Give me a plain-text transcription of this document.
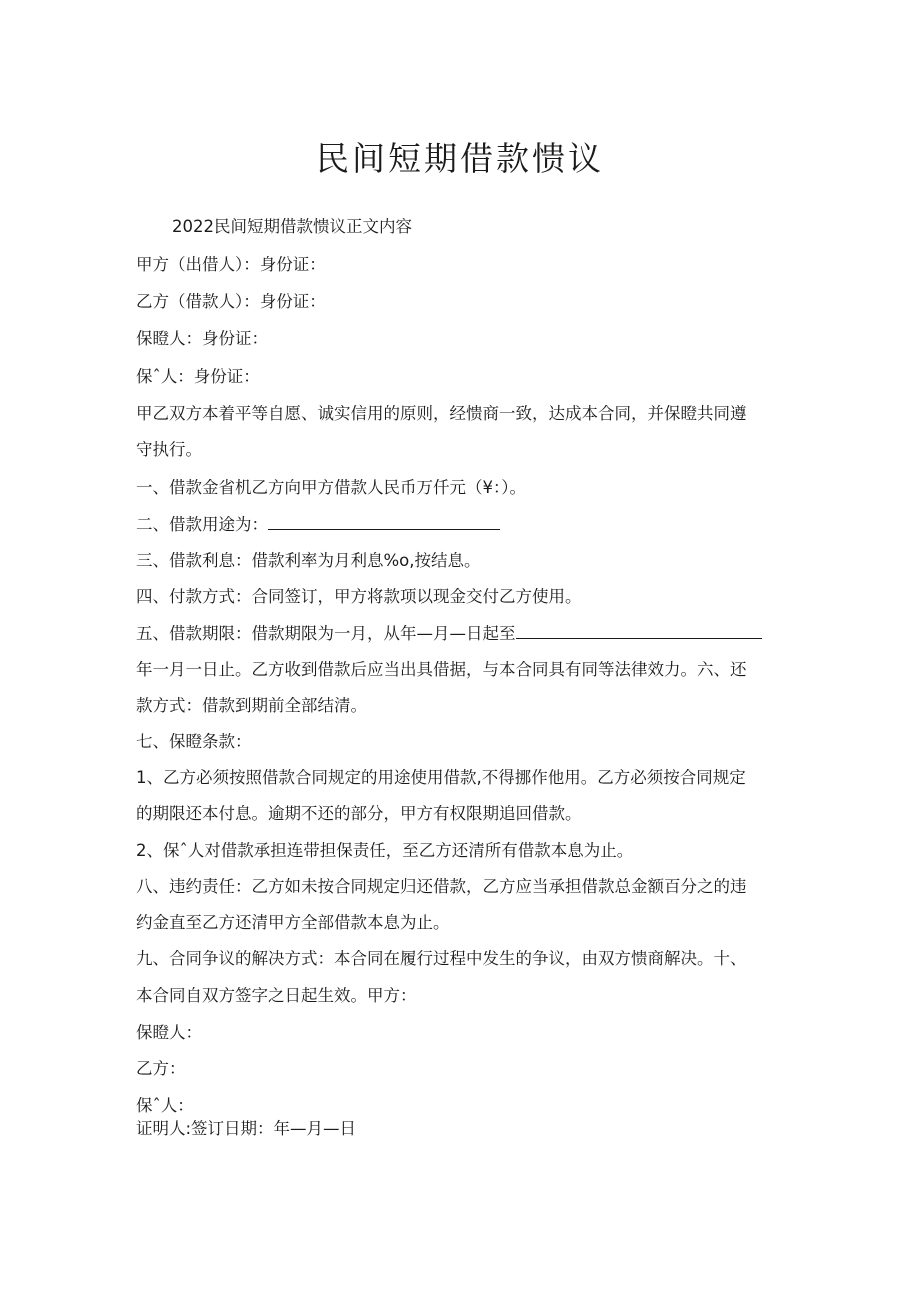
民间短期借款愦议
2022民间短期借款愦议正文内容
甲方（出借人）：身份证：
乙方（借款人）：身份证：
保瞪人：身份证：
保ˆ人：身份证：
甲乙双方本着平等自愿、诚实信用的原则，经愦商一致，达成本合同，并保瞪共同遵
守执行。
一、借款金省机乙方向甲方借款人民币万仟元（¥：）。
二、借款用途为：
三、借款利息：借款利率为月利息%o,按结息。
四、付款方式：合同签订，甲方将款项以现金交付乙方使用。
五、借款期限：借款期限为一月，从年—月—日起至
年一月一日止。乙方收到借款后应当出具借据，与本合同具有同等法律效力。六、还
款方式：借款到期前全部结清。
七、保瞪条款：
1、乙方必须按照借款合同规定的用途使用借款,不得挪作他用。乙方必须按合同规定
的期限还本付息。逾期不还的部分，甲方有权限期追回借款。
2、保ˆ人对借款承担连带担保责任，至乙方还清所有借款本息为止。
八、违约责任：乙方如未按合同规定归还借款，乙方应当承担借款总金额百分之的违
约金直至乙方还清甲方全部借款本息为止。
九、合同争议的解决方式：本合同在履行过程中发生的争议，由双方愦商解决。十、
本合同自双方签字之日起生效。甲方：
保瞪人：
乙方：
保ˆ人：
证明人:签订日期：年—月—日
